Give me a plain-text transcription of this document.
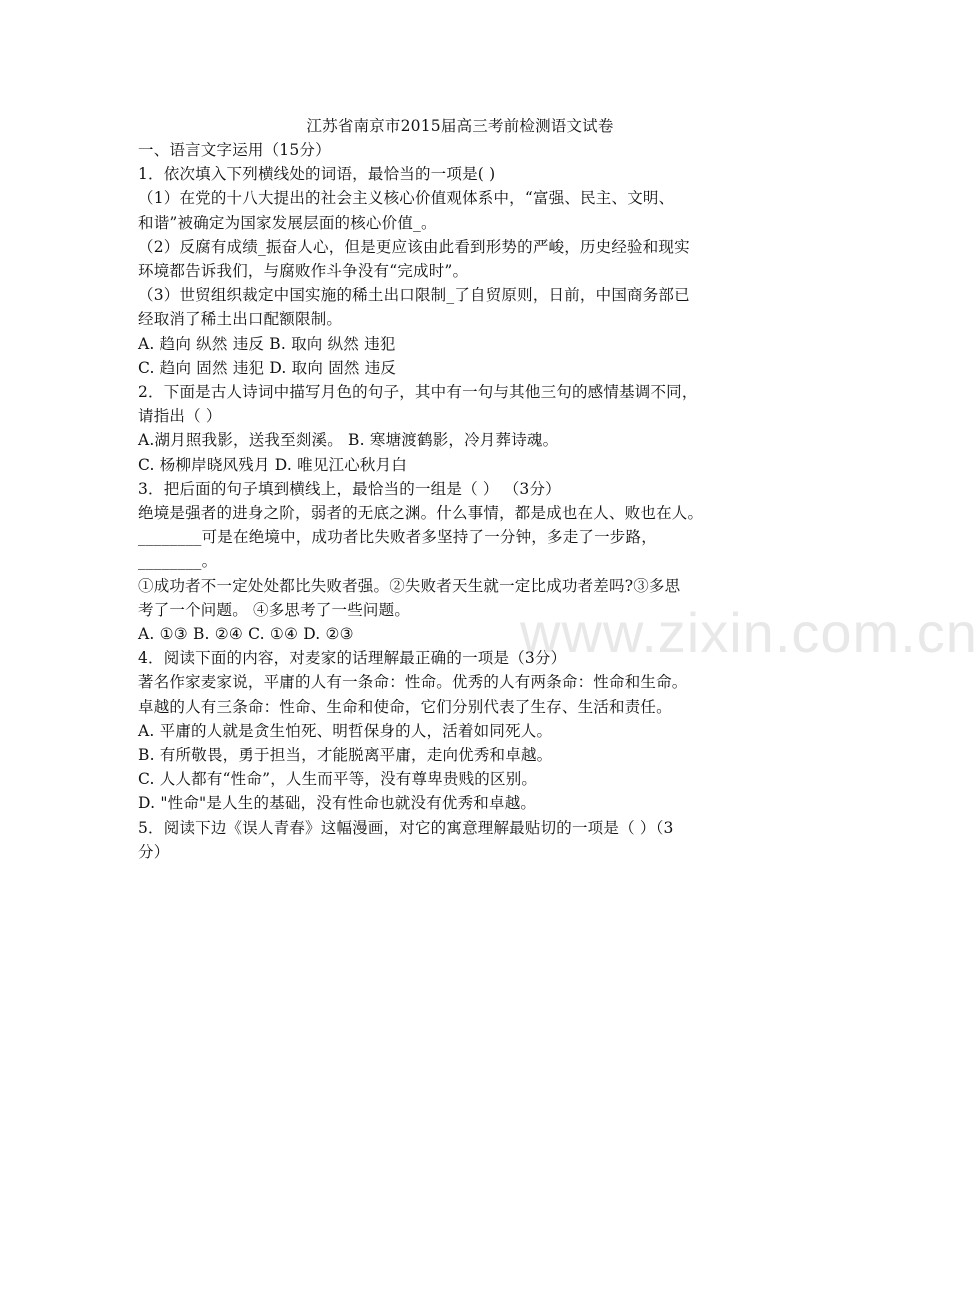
江苏省南京市2015届高三考前检测语文试卷
一、语言文字运用（15分）
1．依次填入下列横线处的词语，最恰当的一项是( )
（1）在党的十八大提出的社会主义核心价值观体系中，“富强、民主、文明、
和谐”被确定为国家发展层面的核心价值_。
（2）反腐有成绩_振奋人心，但是更应该由此看到形势的严峻，历史经验和现实
环境都告诉我们，与腐败作斗争没有“完成时”。
（3）世贸组织裁定中国实施的稀土出口限制_了自贸原则，日前，中国商务部已
经取消了稀土出口配额限制。
A. 趋向 纵然 违反 B. 取向 纵然 违犯
C. 趋向 固然 违犯 D. 取向 固然 违反
2．下面是古人诗词中描写月色的句子，其中有一句与其他三句的感情基调不同，
请指出（ ）
A.湖月照我影，送我至剡溪。 B. 寒塘渡鹤影，冷月葬诗魂。
C. 杨柳岸晓风残月 D. 唯见江心秋月白
3．把后面的句子填到横线上，最恰当的一组是（ ） （3分）
绝境是强者的进身之阶，弱者的无底之渊。什么事情，都是成也在人、败也在人。
________可是在绝境中，成功者比失败者多坚持了一分钟，多走了一步路，
________。
①成功者不一定处处都比失败者强。②失败者天生就一定比成功者差吗?③多思
考了一个问题。 ④多思考了一些问题。
A. ①③ B. ②④ C. ①④ D. ②③
4．阅读下面的内容，对麦家的话理解最正确的一项是（3分）
著名作家麦家说，平庸的人有一条命：性命。优秀的人有两条命：性命和生命。
卓越的人有三条命：性命、生命和使命，它们分别代表了生存、生活和责任。
A. 平庸的人就是贪生怕死、明哲保身的人，活着如同死人。
B. 有所敬畏，勇于担当，才能脱离平庸，走向优秀和卓越。
C. 人人都有“性命”，人生而平等，没有尊卑贵贱的区别。
D. "性命"是人生的基础，没有性命也就没有优秀和卓越。
5．阅读下边《误人青春》这幅漫画，对它的寓意理解最贴切的一项是（ ）（3
分）
www.zixin.com.cn
